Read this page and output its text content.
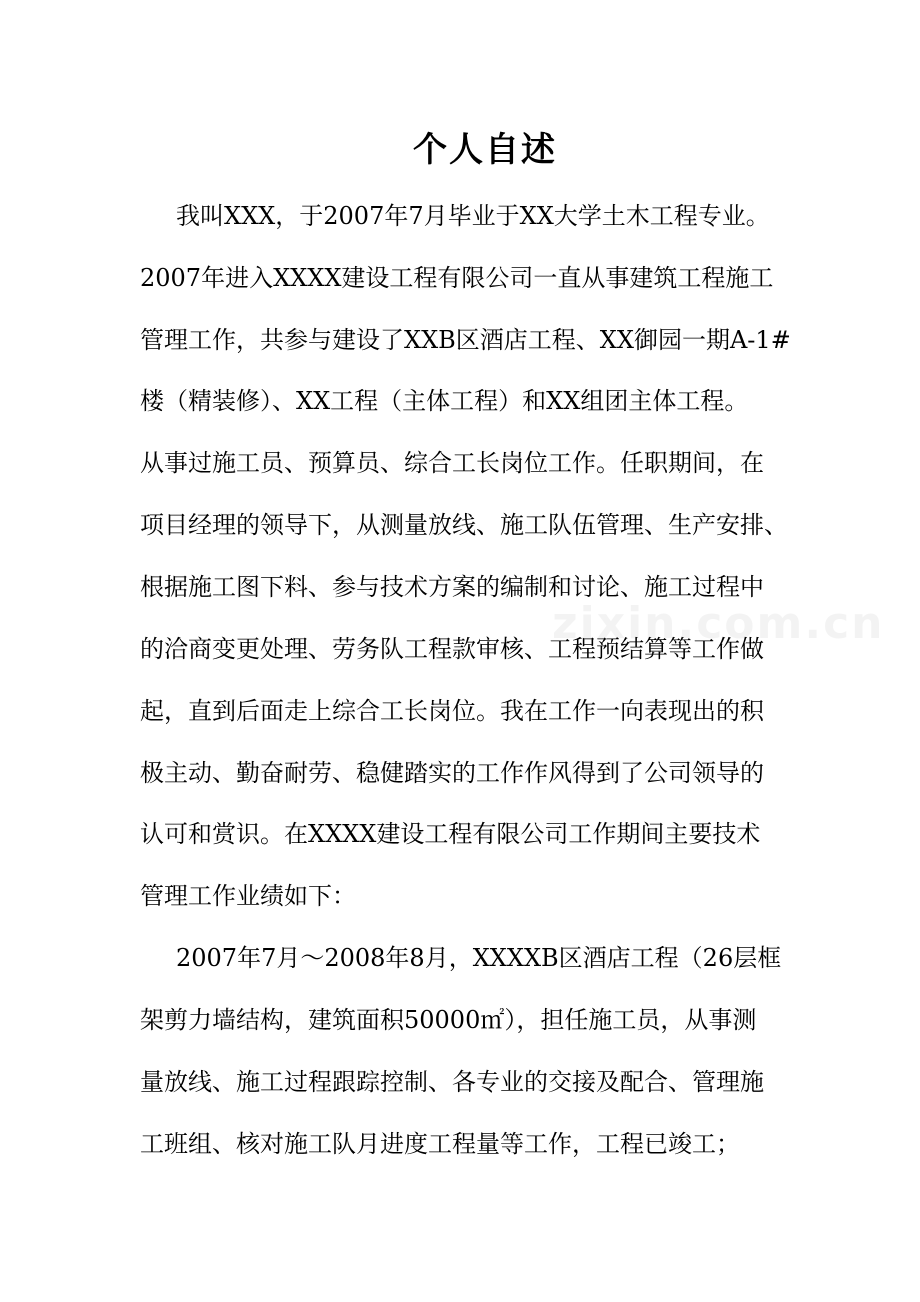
个人自述
我叫XXX，于2007年7月毕业于XX大学土木工程专业。
2007年进入XXXX建设工程有限公司一直从事建筑工程施工
管理工作，共参与建设了XXB区酒店工程、XX御园一期A-1#
楼（精装修）、XX工程（主体工程）和XX组团主体工程。
从事过施工员、预算员、综合工长岗位工作。任职期间，在
项目经理的领导下，从测量放线、施工队伍管理、生产安排、
根据施工图下料、参与技术方案的编制和讨论、施工过程中
的洽商变更处理、劳务队工程款审核、工程预结算等工作做
起，直到后面走上综合工长岗位。我在工作一向表现出的积
极主动、勤奋耐劳、稳健踏实的工作作风得到了公司领导的
认可和赏识。在XXXX建设工程有限公司工作期间主要技术
管理工作业绩如下：
2007年7月～2008年8月，XXXXB区酒店工程（26层框
架剪力墙结构，建筑面积50000㎡），担任施工员，从事测
量放线、施工过程跟踪控制、各专业的交接及配合、管理施
工班组、核对施工队月进度工程量等工作，工程已竣工；
